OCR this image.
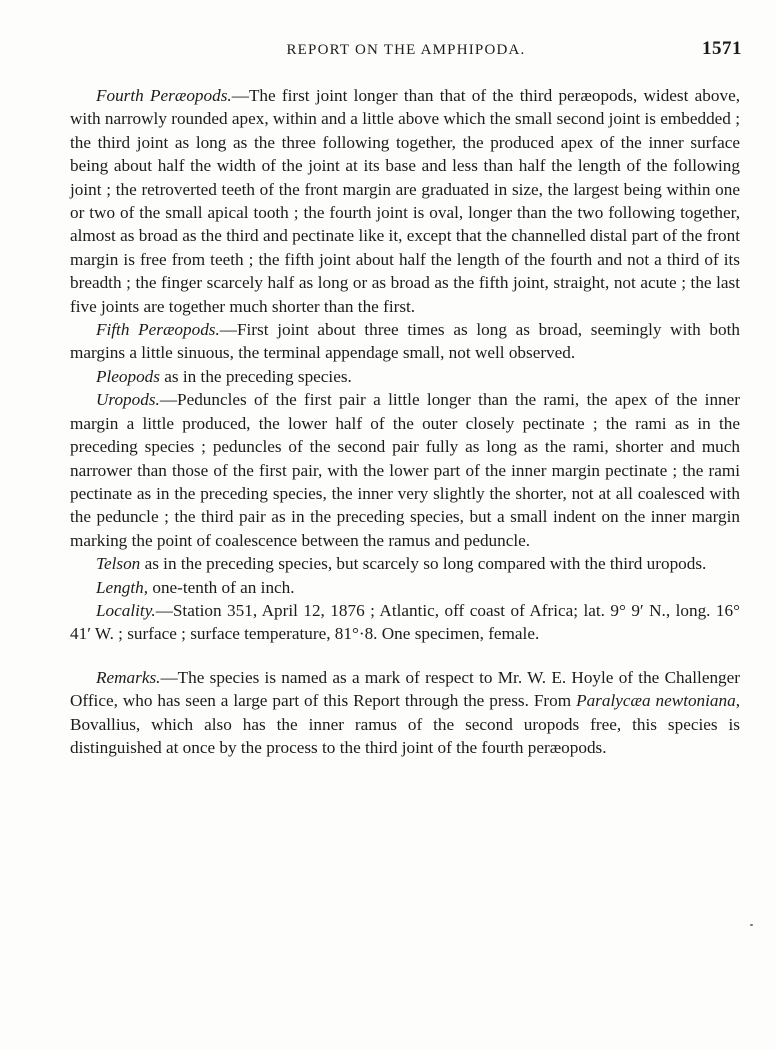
REPORT ON THE AMPHIPODA.	1571

Fourth Peræopods.—The first joint longer than that of the third peræopods, widest above, with narrowly rounded apex, within and a little above which the small second joint is embedded ; the third joint as long as the three following together, the produced apex of the inner surface being about half the width of the joint at its base and less than half the length of the following joint ; the retroverted teeth of the front margin are graduated in size, the largest being within one or two of the small apical tooth ; the fourth joint is oval, longer than the two following together, almost as broad as the third and pectinate like it, except that the channelled distal part of the front margin is free from teeth ; the fifth joint about half the length of the fourth and not a third of its breadth ; the finger scarcely half as long or as broad as the fifth joint, straight, not acute ; the last five joints are together much shorter than the first.

Fifth Peræopods.—First joint about three times as long as broad, seemingly with both margins a little sinuous, the terminal appendage small, not well observed.

Pleopods as in the preceding species.

Uropods.—Peduncles of the first pair a little longer than the rami, the apex of the inner margin a little produced, the lower half of the outer closely pectinate ; the rami as in the preceding species ; peduncles of the second pair fully as long as the rami, shorter and much narrower than those of the first pair, with the lower part of the inner margin pectinate ; the rami pectinate as in the preceding species, the inner very slightly the shorter, not at all coalesced with the peduncle ; the third pair as in the preceding species, but a small indent on the inner margin marking the point of coalescence between the ramus and peduncle.

Telson as in the preceding species, but scarcely so long compared with the third uropods.

Length, one-tenth of an inch.

Locality.—Station 351, April 12, 1876 ; Atlantic, off coast of Africa; lat. 9° 9′ N., long. 16° 41′ W. ; surface ; surface temperature, 81°·8. One specimen, female.

Remarks.—The species is named as a mark of respect to Mr. W. E. Hoyle of the Challenger Office, who has seen a large part of this Report through the press. From Paralycæa newtoniana, Bovallius, which also has the inner ramus of the second uropods free, this species is distinguished at once by the process to the third joint of the fourth peræopods.
